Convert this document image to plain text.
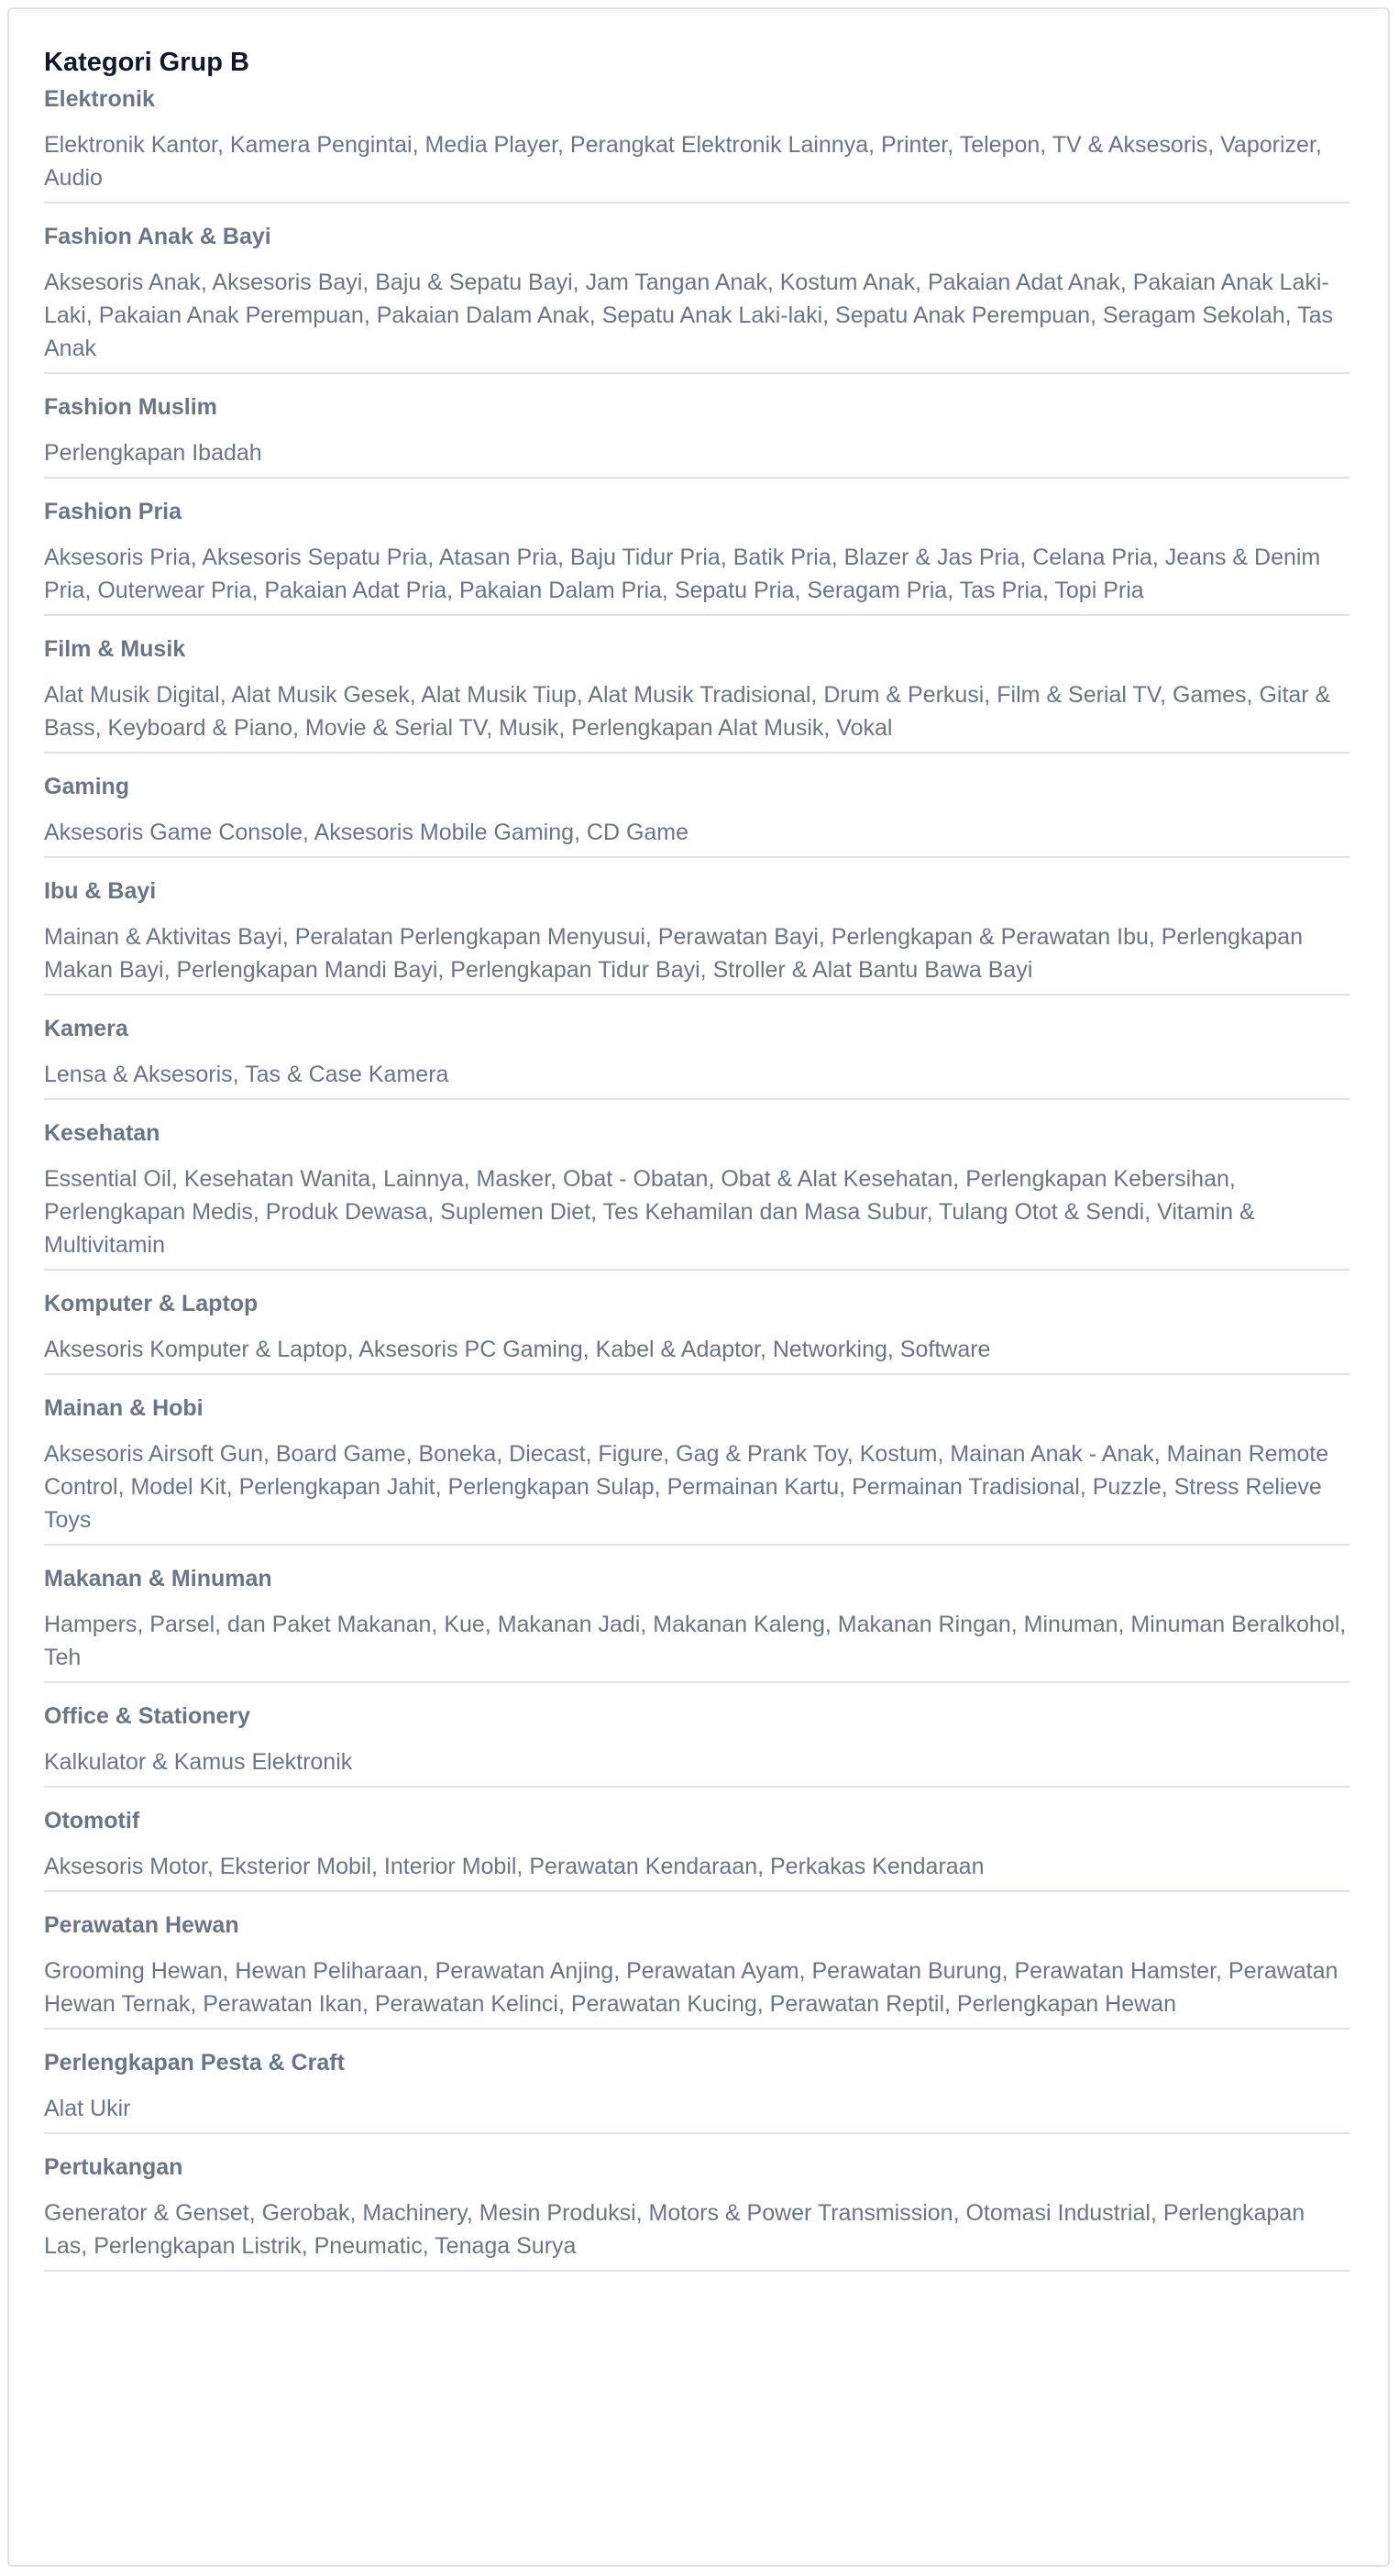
Kategori Grup B
Elektronik
Elektronik Kantor, Kamera Pengintai, Media Player, Perangkat Elektronik Lainnya, Printer, Telepon, TV & Aksesoris, Vaporizer, Audio
Fashion Anak & Bayi
Aksesoris Anak, Aksesoris Bayi, Baju & Sepatu Bayi, Jam Tangan Anak, Kostum Anak, Pakaian Adat Anak, Pakaian Anak Laki-Laki, Pakaian Anak Perempuan, Pakaian Dalam Anak, Sepatu Anak Laki-laki, Sepatu Anak Perempuan, Seragam Sekolah, Tas Anak
Fashion Muslim
Perlengkapan Ibadah
Fashion Pria
Aksesoris Pria, Aksesoris Sepatu Pria, Atasan Pria, Baju Tidur Pria, Batik Pria, Blazer & Jas Pria, Celana Pria, Jeans & Denim Pria, Outerwear Pria, Pakaian Adat Pria, Pakaian Dalam Pria, Sepatu Pria, Seragam Pria, Tas Pria, Topi Pria
Film & Musik
Alat Musik Digital, Alat Musik Gesek, Alat Musik Tiup, Alat Musik Tradisional, Drum & Perkusi, Film & Serial TV, Games, Gitar & Bass, Keyboard & Piano, Movie & Serial TV, Musik, Perlengkapan Alat Musik, Vokal
Gaming
Aksesoris Game Console, Aksesoris Mobile Gaming, CD Game
Ibu & Bayi
Mainan & Aktivitas Bayi, Peralatan Perlengkapan Menyusui, Perawatan Bayi, Perlengkapan & Perawatan Ibu, Perlengkapan Makan Bayi, Perlengkapan Mandi Bayi, Perlengkapan Tidur Bayi, Stroller & Alat Bantu Bawa Bayi
Kamera
Lensa & Aksesoris, Tas & Case Kamera
Kesehatan
Essential Oil, Kesehatan Wanita, Lainnya, Masker, Obat - Obatan, Obat & Alat Kesehatan, Perlengkapan Kebersihan, Perlengkapan Medis, Produk Dewasa, Suplemen Diet, Tes Kehamilan dan Masa Subur, Tulang Otot & Sendi, Vitamin & Multivitamin
Komputer & Laptop
Aksesoris Komputer & Laptop, Aksesoris PC Gaming, Kabel & Adaptor, Networking, Software
Mainan & Hobi
Aksesoris Airsoft Gun, Board Game, Boneka, Diecast, Figure, Gag & Prank Toy, Kostum, Mainan Anak - Anak, Mainan Remote Control, Model Kit, Perlengkapan Jahit, Perlengkapan Sulap, Permainan Kartu, Permainan Tradisional, Puzzle, Stress Relieve Toys
Makanan & Minuman
Hampers, Parsel, dan Paket Makanan, Kue, Makanan Jadi, Makanan Kaleng, Makanan Ringan, Minuman, Minuman Beralkohol, Teh
Office & Stationery
Kalkulator & Kamus Elektronik
Otomotif
Aksesoris Motor, Eksterior Mobil, Interior Mobil, Perawatan Kendaraan, Perkakas Kendaraan
Perawatan Hewan
Grooming Hewan, Hewan Peliharaan, Perawatan Anjing, Perawatan Ayam, Perawatan Burung, Perawatan Hamster, Perawatan Hewan Ternak, Perawatan Ikan, Perawatan Kelinci, Perawatan Kucing, Perawatan Reptil, Perlengkapan Hewan
Perlengkapan Pesta & Craft
Alat Ukir
Pertukangan
Generator & Genset, Gerobak, Machinery, Mesin Produksi, Motors & Power Transmission, Otomasi Industrial, Perlengkapan Las, Perlengkapan Listrik, Pneumatic, Tenaga Surya
